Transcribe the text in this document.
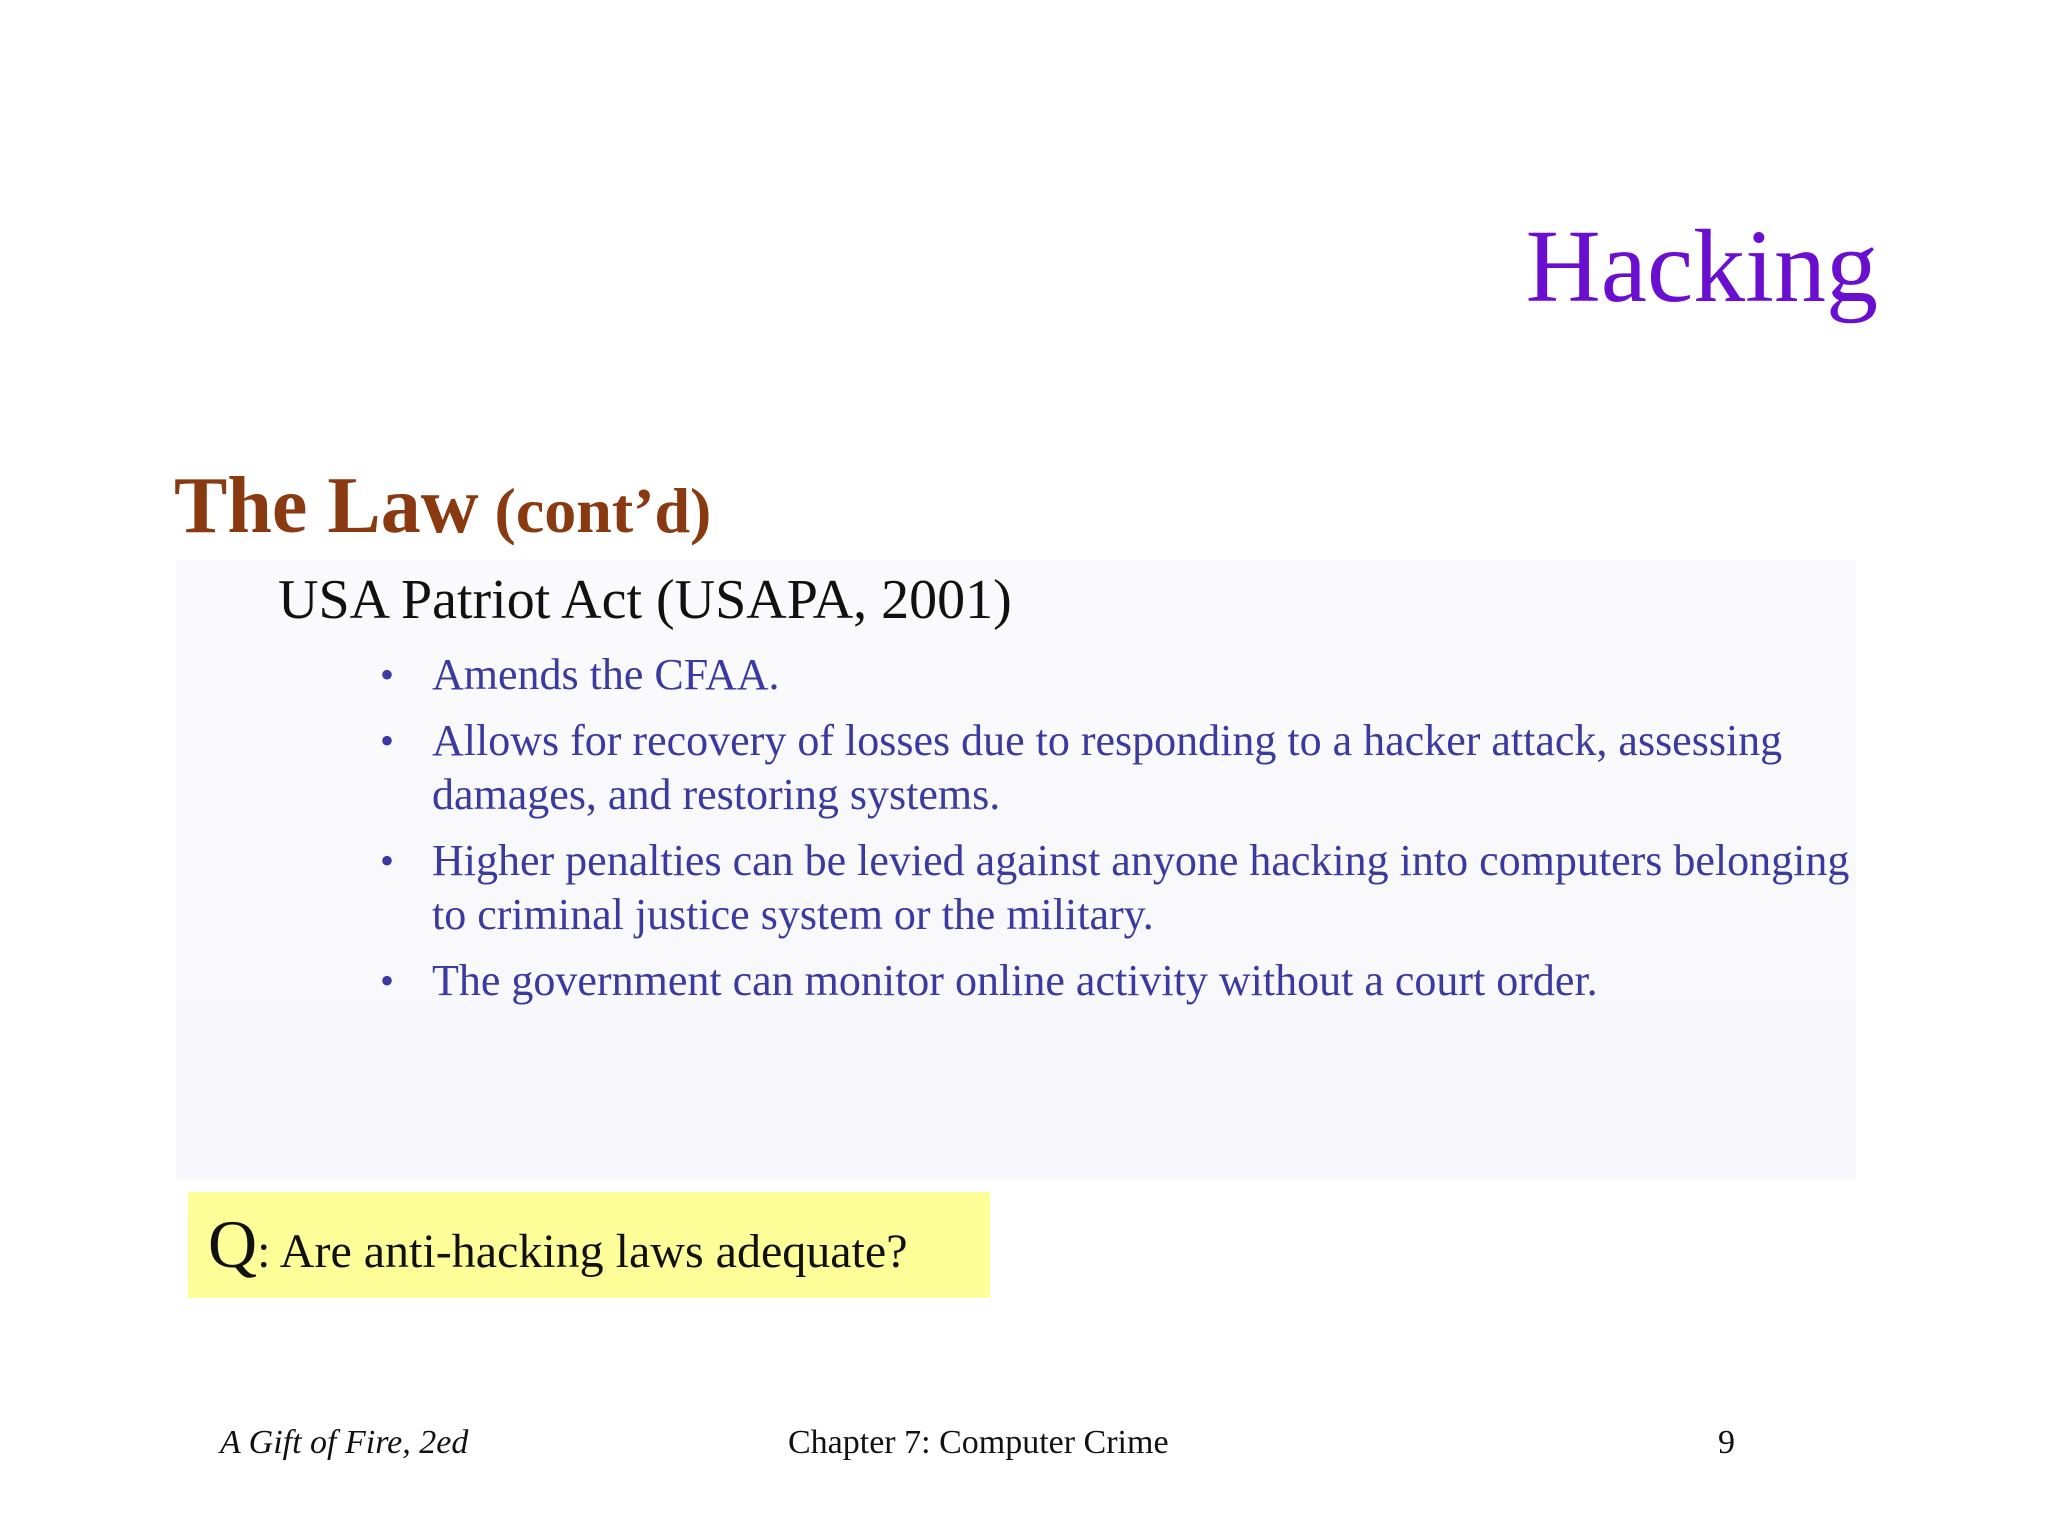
Hacking
The Law (cont’d)
USA Patriot Act (USAPA, 2001)
• Amends the CFAA.
• Allows for recovery of losses due to responding to a hacker attack, assessing damages, and restoring systems.
• Higher penalties can be levied against anyone hacking into computers belonging to criminal justice system or the military.
• The government can monitor online activity without a court order.
Q: Are anti-hacking laws adequate?
A Gift of Fire, 2ed	Chapter 7: Computer Crime	9
